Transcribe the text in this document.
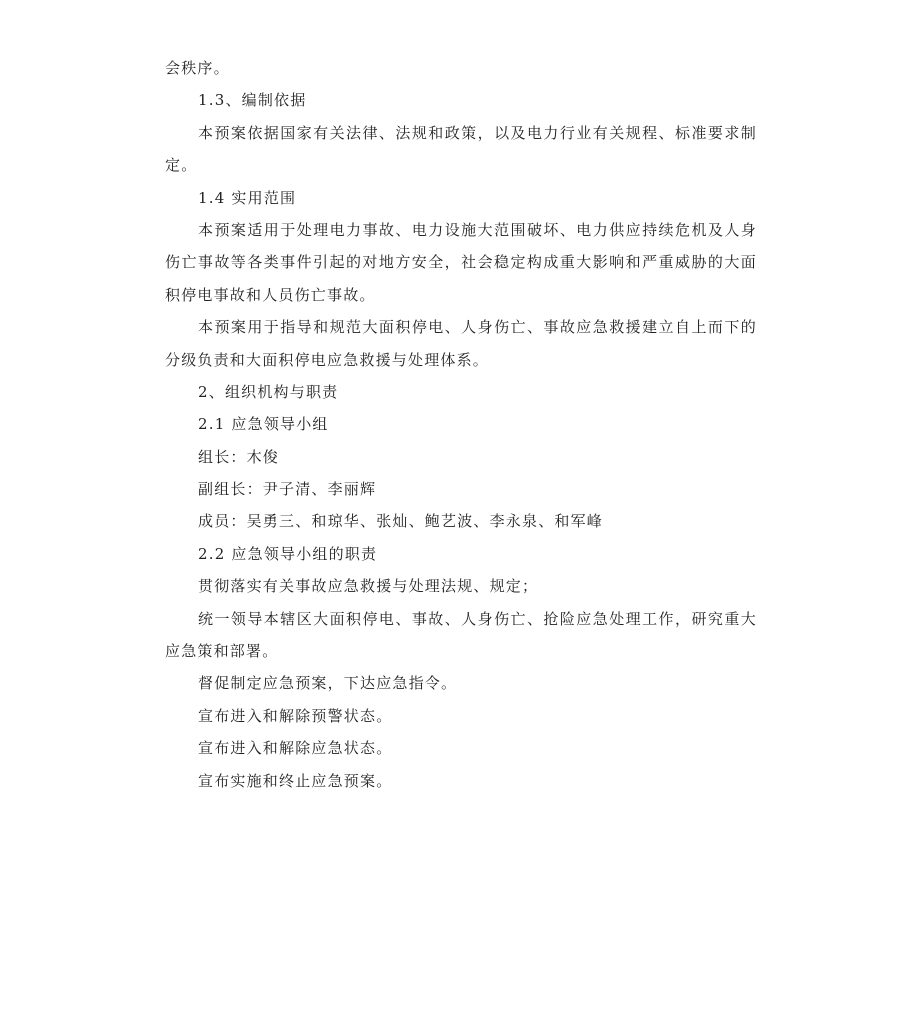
会秩序。
1.3、编制依据
本预案依据国家有关法律、法规和政策，以及电力行业有关规程、标准要求制
定。
1.4 实用范围
本预案适用于处理电力事故、电力设施大范围破坏、电力供应持续危机及人身
伤亡事故等各类事件引起的对地方安全，社会稳定构成重大影响和严重威胁的大面
积停电事故和人员伤亡事故。
本预案用于指导和规范大面积停电、人身伤亡、事故应急救援建立自上而下的
分级负责和大面积停电应急救援与处理体系。
2、组织机构与职责
2.1 应急领导小组
组长：木俊
副组长：尹子清、李丽辉
成员：吴勇三、和琼华、张灿、鲍艺波、李永泉、和军峰
2.2 应急领导小组的职责
贯彻落实有关事故应急救援与处理法规、规定；
统一领导本辖区大面积停电、事故、人身伤亡、抢险应急处理工作，研究重大
应急策和部署。
督促制定应急预案，下达应急指令。
宣布进入和解除预警状态。
宣布进入和解除应急状态。
宣布实施和终止应急预案。
